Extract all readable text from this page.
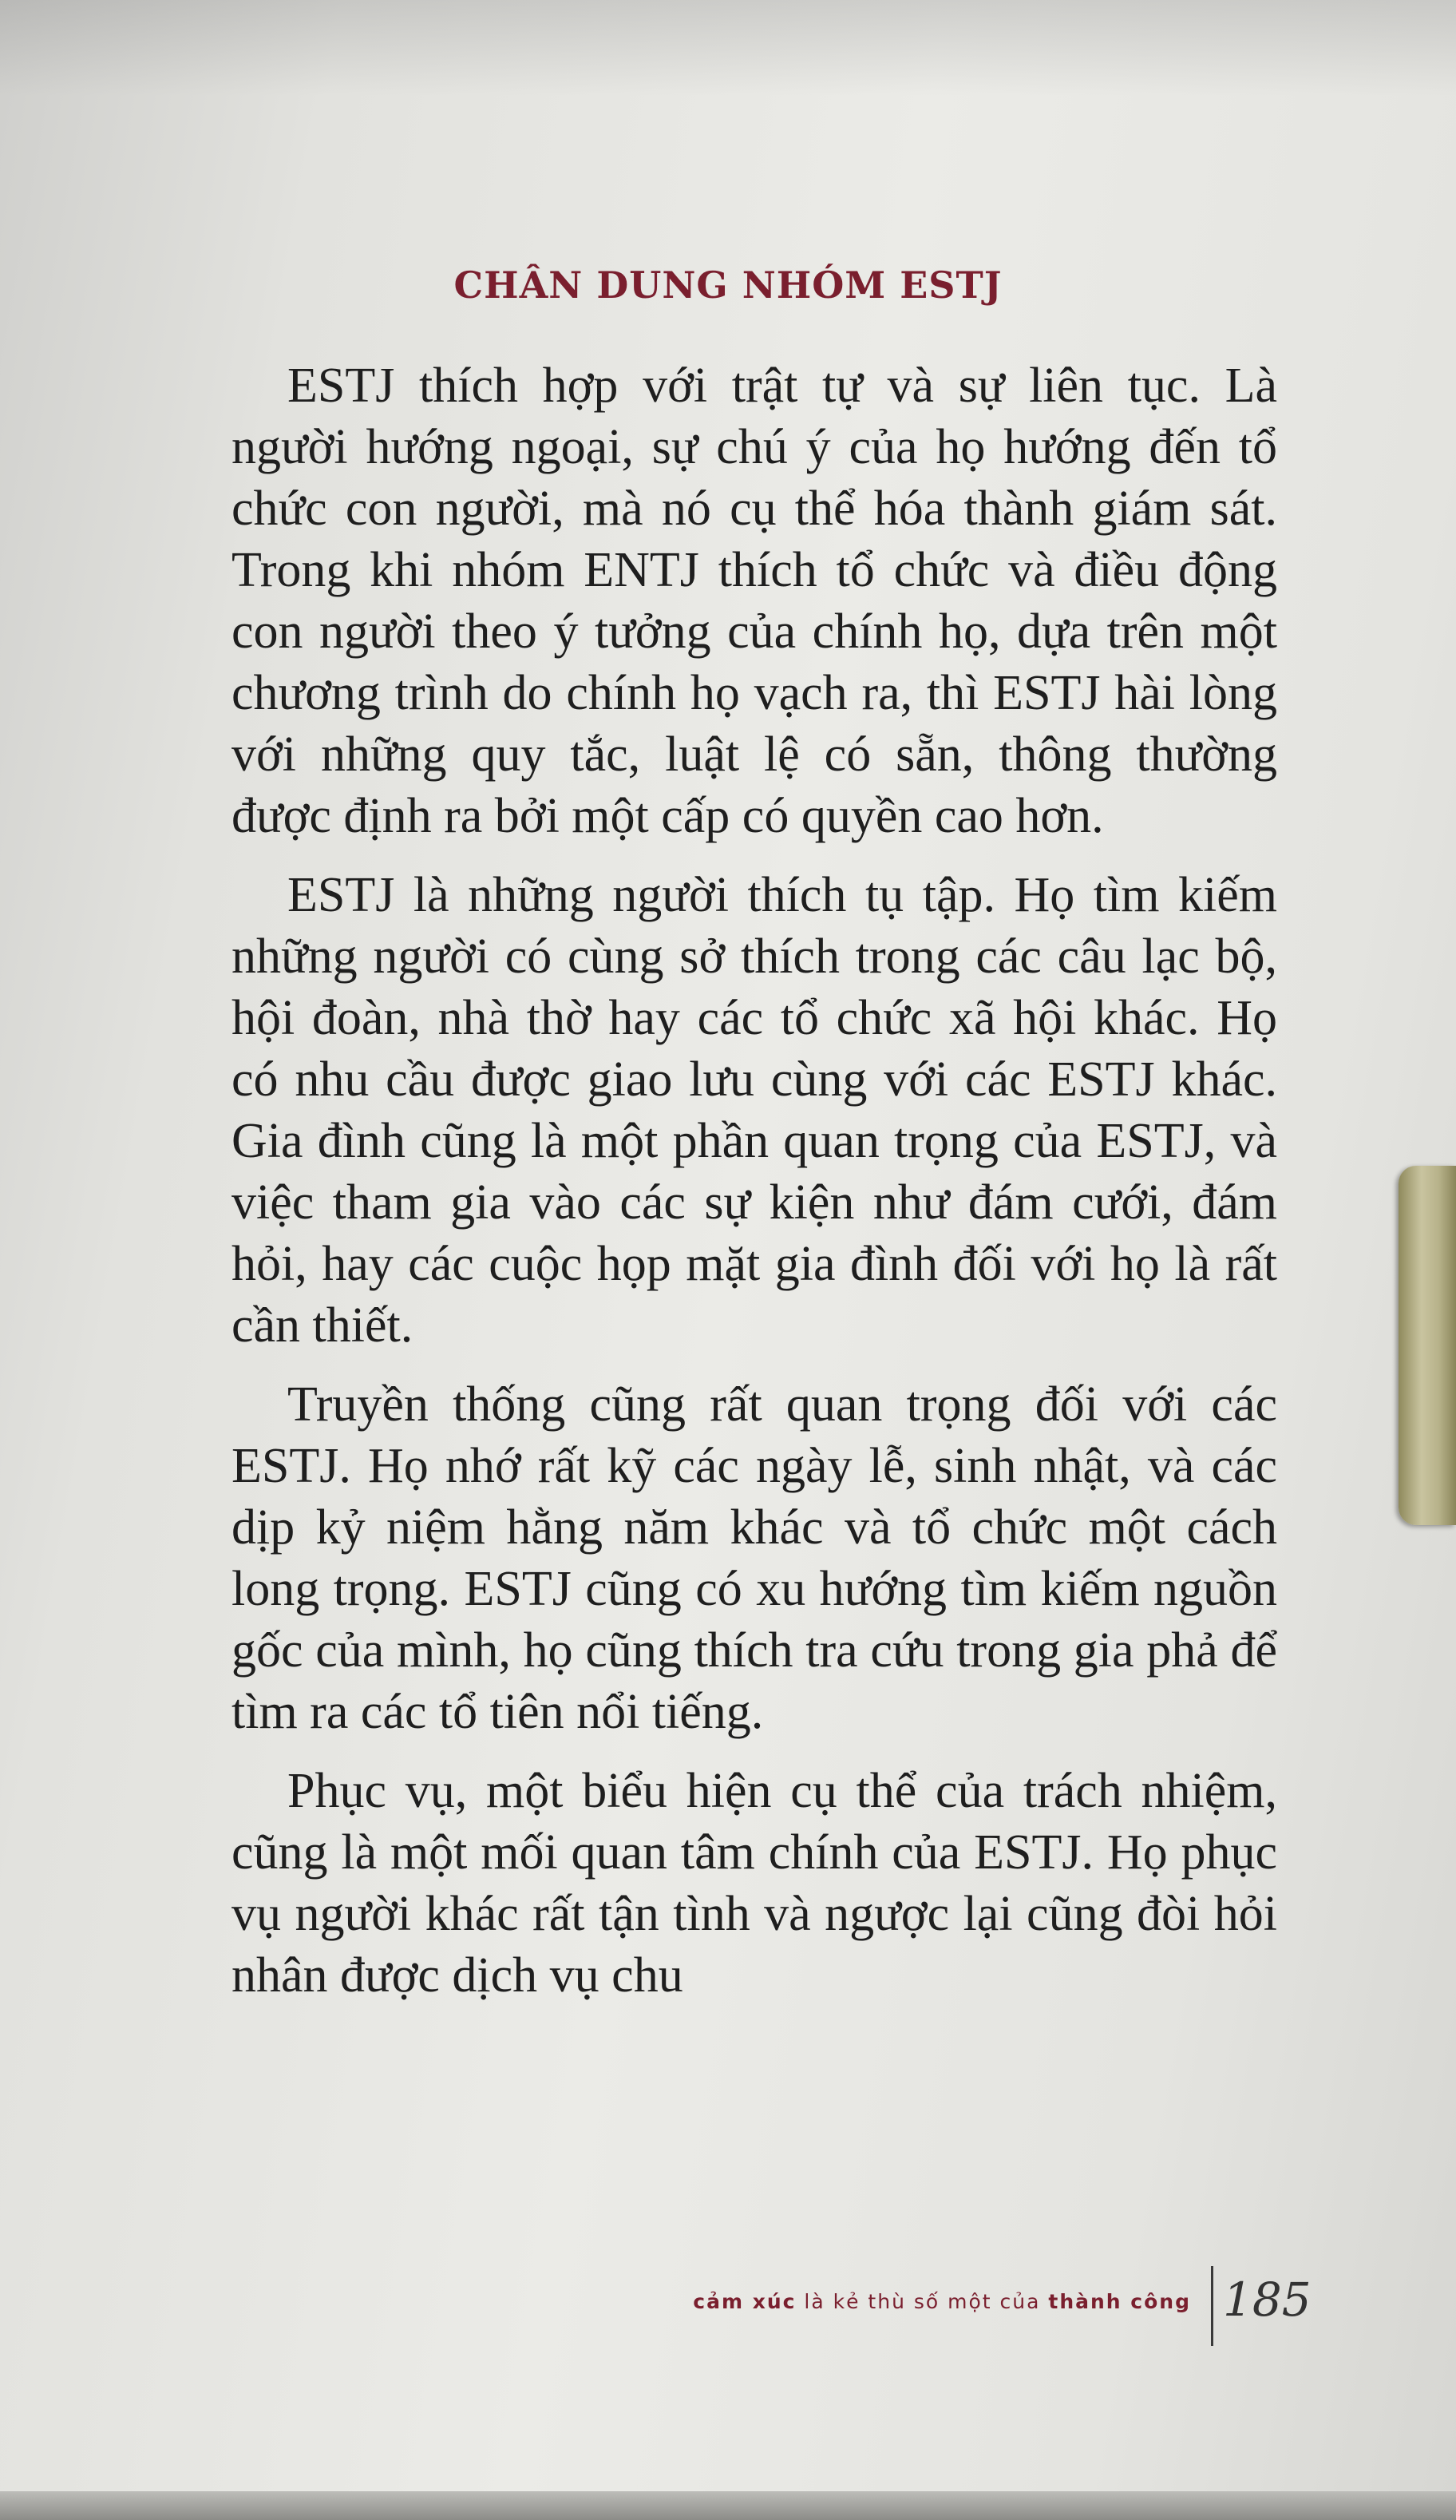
CHÂN DUNG NHÓM ESTJ

ESTJ thích hợp với trật tự và sự liên tục. Là người hướng ngoại, sự chú ý của họ hướng đến tổ chức con người, mà nó cụ thể hóa thành giám sát. Trong khi nhóm ENTJ thích tổ chức và điều động con người theo ý tưởng của chính họ, dựa trên một chương trình do chính họ vạch ra, thì ESTJ hài lòng với những quy tắc, luật lệ có sẵn, thông thường được định ra bởi một cấp có quyền cao hơn.

ESTJ là những người thích tụ tập. Họ tìm kiếm những người có cùng sở thích trong các câu lạc bộ, hội đoàn, nhà thờ hay các tổ chức xã hội khác. Họ có nhu cầu được giao lưu cùng với các ESTJ khác. Gia đình cũng là một phần quan trọng của ESTJ, và việc tham gia vào các sự kiện như đám cưới, đám hỏi, hay các cuộc họp mặt gia đình đối với họ là rất cần thiết.

Truyền thống cũng rất quan trọng đối với các ESTJ. Họ nhớ rất kỹ các ngày lễ, sinh nhật, và các dịp kỷ niệm hằng năm khác và tổ chức một cách long trọng. ESTJ cũng có xu hướng tìm kiếm nguồn gốc của mình, họ cũng thích tra cứu trong gia phả để tìm ra các tổ tiên nổi tiếng.

Phục vụ, một biểu hiện cụ thể của trách nhiệm, cũng là một mối quan tâm chính của ESTJ. Họ phục vụ người khác rất tận tình và ngược lại cũng đòi hỏi nhân được dịch vụ chu

cảm xúc là kẻ thù số một của thành công 185
